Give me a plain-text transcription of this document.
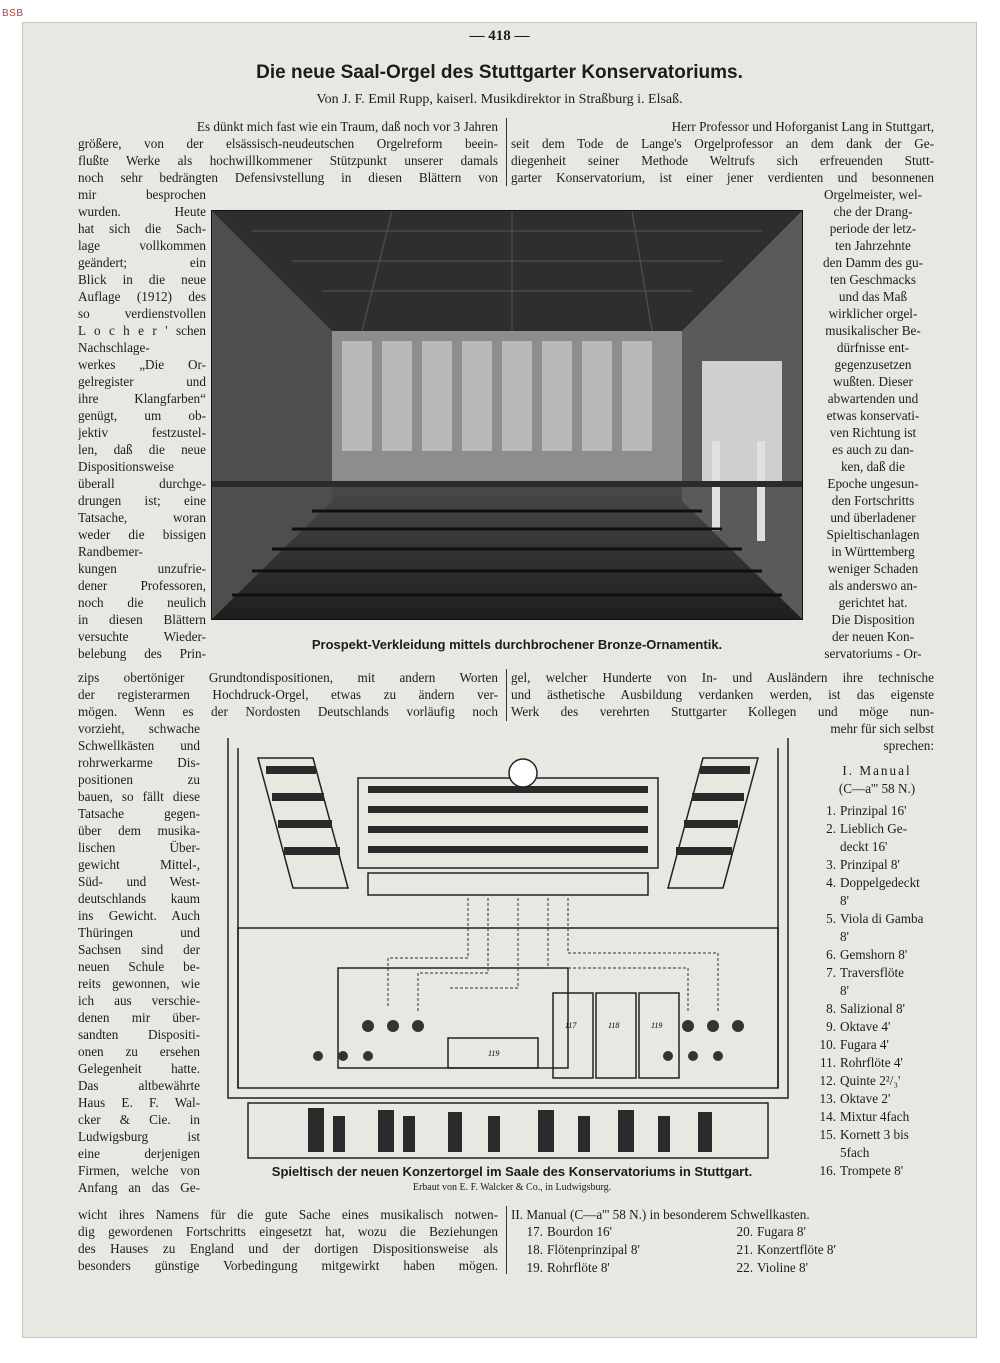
BSB
— 418 —
Die neue Saal-Orgel des Stuttgarter Konservatoriums.
Von J. F. Emil Rupp, kaiserl. Musikdirektor in Straßburg i. Elsaß.
Es dünkt mich fast wie ein Traum, daß noch vor 3 Jahren
größere, von der elsässisch-neudeutschen Orgelreform beein-
flußte Werke als hochwillkommener Stützpunkt unserer damals
noch sehr bedrängten Defensivstellung in diesen Blättern von
Herr Professor und Hoforganist Lang in Stuttgart,
seit dem Tode de Lange's Orgelprofessor an dem dank der Ge-
diegenheit seiner Methode Weltrufs sich erfreuenden Stutt-
garter Konservatorium, ist einer jener verdienten und besonnenen
mir besprochen
wurden. Heute
hat sich die Sach-
lage vollkommen
geändert; ein
Blick in die neue
Auflage (1912) des
so verdienstvollen
L o c h e r ' schen
Nachschlage-
werkes „Die Or-
gelregister und
ihre Klangfarben“
genügt, um ob-
jektiv festzustel-
len, daß die neue
Dispositionsweise
überall durchge-
drungen ist; eine
Tatsache, woran
weder die bissigen
Randbemer-
kungen unzufrie-
dener Professoren,
noch die neulich
in diesen Blättern
versuchte Wieder-
belebung des Prin-
Prospekt-Verkleidung mittels durchbrochener Bronze-Ornamentik.
Orgelmeister, wel-
che der Drang-
periode der letz-
ten Jahrzehnte
den Damm des gu-
ten Geschmacks
und das Maß
wirklicher orgel-
musikalischer Be-
dürfnisse ent-
gegenzusetzen
wußten. Dieser
abwartenden und
etwas konservati-
ven Richtung ist
es auch zu dan-
ken, daß die
Epoche ungesun-
den Fortschritts
und überladener
Spieltischanlagen
in Württemberg
weniger Schaden
als anderswo an-
gerichtet hat.
Die Disposition
der neuen Kon-
servatoriums - Or-
zips obertöniger Grundtondispositionen, mit andern Worten
der registerarmen Hochdruck-Orgel, etwas zu ändern ver-
mögen. Wenn es der Nordosten Deutschlands vorläufig noch
gel, welcher Hunderte von In- und Ausländern ihre technische
und ästhetische Ausbildung verdanken werden, ist das eigenste
Werk des verehrten Stuttgarter Kollegen und möge nun-
vorzieht, schwache
Schwellkästen und
rohrwerkarme Dis-
positionen zu
bauen, so fällt diese
Tatsache gegen-
über dem musika-
lischen Über-
gewicht Mittel-,
Süd- und West-
deutschlands kaum
ins Gewicht. Auch
Thüringen und
Sachsen sind der
neuen Schule be-
reits gewonnen, wie
ich aus verschie-
denen mir über-
sandten Dispositi-
onen zu ersehen
Gelegenheit hatte.
Das altbewährte
Haus E. F. Wal-
cker & Cie. in
Ludwigsburg ist
eine derjenigen
Firmen, welche von
Anfang an das Ge-
117	118	119
119
mehr für sich selbst
sprechen:
I. Manual
(C—a''' 58 N.)
1. Prinzipal 16'
2. Lieblich Ge-
deckt 16'
3. Prinzipal 8'
4. Doppelgedeckt
8'
5. Viola di Gamba
8'
6. Gemshorn 8'
7. Traversflöte
8'
8. Salizional 8'
9. Oktave 4'
10. Fugara 4'
11. Rohrflöte 4'
12. Quinte 2²/₃'
13. Oktave 2'
14. Mixtur 4fach
15. Kornett 3 bis
5fach
16. Trompete 8'
Spieltisch der neuen Konzertorgel im Saale des Konservatoriums in Stuttgart.
Erbaut von E. F. Walcker & Co., in Ludwigsburg.
wicht ihres Namens für die gute Sache eines musikalisch notwen-
dig gewordenen Fortschritts eingesetzt hat, wozu die Beziehungen
des Hauses zu England und der dortigen Dispositionsweise als
besonders günstige Vorbedingung mitgewirkt haben mögen.
II. Manual (C—a''' 58 N.) in besonderem Schwellkasten.
17. Bourdon 16'
18. Flötenprinzipal 8'
19. Rohrflöte 8'
20. Fugara 8'
21. Konzertflöte 8'
22. Violine 8'
